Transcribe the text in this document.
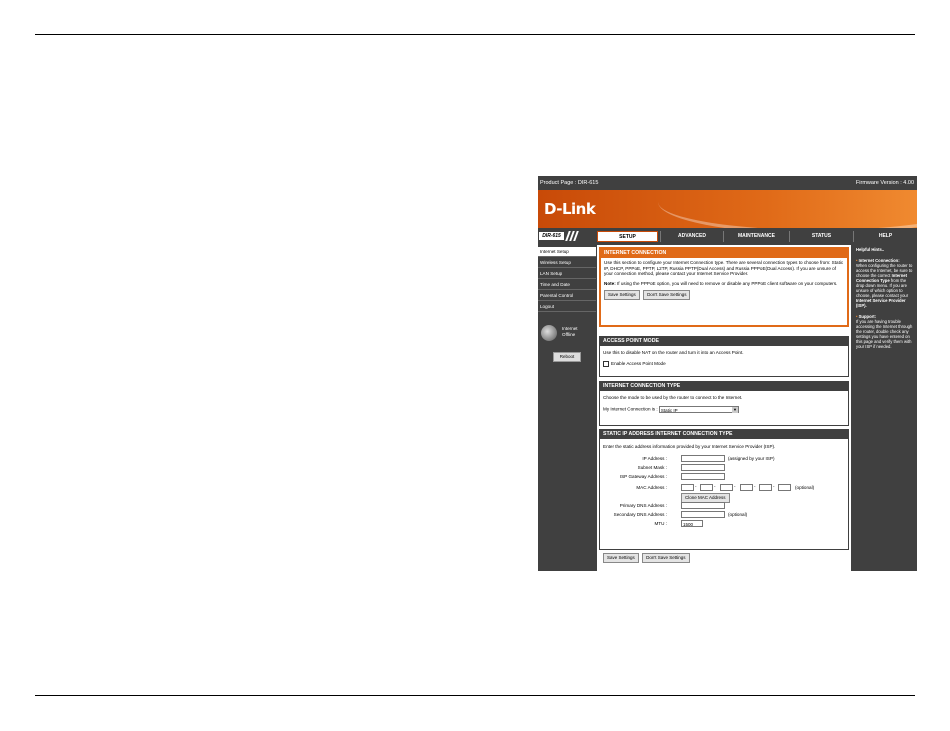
Product Page : DIR-615	Firmware Version : 4.00
D-Link
DIR-615	SETUP	ADVANCED	MAINTENANCE	STATUS	HELP
Internet Setup
Wireless Setup
LAN Setup
Time and Date
Parental Control
Logout
Internet
Offline
Reboot
INTERNET CONNECTION
Use this section to configure your Internet Connection type. There are several connection types to choose from: Static IP, DHCP, PPPoE, PPTP, L2TP, Russia PPTP(Dual Access) and Russia PPPoE(Dual Access). If you are unsure of your connection method, please contact your Internet Service Provider.
Note: If using the PPPoE option, you will need to remove or disable any PPPoE client software on your computers.
Save Settings	Don't Save Settings
ACCESS POINT MODE
Use this to disable NAT on the router and turn it into an Access Point.
Enable Access Point Mode
INTERNET CONNECTION TYPE
Choose the mode to be used by the router to connect to the Internet.
My Internet Connection is : Static IP	▼
STATIC IP ADDRESS INTERNET CONNECTION TYPE
Enter the static address information provided by your Internet Service Provider (ISP).
IP Address :	(assigned by your ISP)
Subnet Mask :
ISP Gateway Address :
MAC Address :	-	-	-	-	-	(optional)
Clone MAC Address
Primary DNS Address :
Secondary DNS Address :	(optional)
MTU :	1500
Save Settings	Don't Save Settings
Helpful Hints..

• Internet Connection:
When configuring the router to access the Internet, be sure to choose the correct Internet Connection Type from the drop down menu. If you are unsure of which option to choose, please contact your Internet Service Provider (ISP).

• Support:
If you are having trouble accessing the Internet through the router, double check any settings you have entered on this page and verify them with your ISP if needed.
